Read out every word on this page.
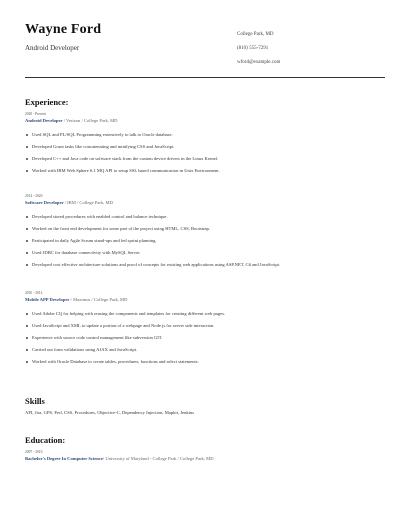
Wayne Ford
Android Developer
College Park, MD
(810) 555-7291
wford@example.com
Experience:
2020 - Present
Android Developer / Verizon / College Park, MD
Used SQL and PL/SQL Programming extensively to talk to Oracle database.
Developed Grunt tasks like concatenating and minifying CSS and JavaScript.
Developed C++ and Java code on software stack from the custom device drivers in the Linux Kernel.
Worked with IBM Web Sphere 6.1 MQ API to setup SSL based communication in Unix Environment.
2014 - 2020
Software Developer / IBM / College Park, MD
Developed stored procedures with enabled control and balance technique.
Worked on the front end development for some part of the project using HTML, CSS, Bootstrap.
Participated in daily Agile Scrum stand-ups and led sprint planning.
Used JDBC for database connectivity with MySQL Server.
Developed cost effective architecture solutions and proof of concepts for existing web applications using ASP.NET, C# and JavaScript.
2010 - 2014
Mobile APP Developer / Maximus / College Park, MD
Used Adobe CQ for helping with reusing the components and templates for creating different web pages.
Used JavaScript and XML to update a portion of a webpage and Node.js for server side interaction.
Experience with source code control management like subversion GIT.
Carried out form validations using AJAX and JavaScript.
Worked with Oracle Database to create tables, procedures, functions and select statements.
Skills
API, Jira, GPS, Perl, CSS, Procedures, Objective-C, Dependency Injection, Mapkit, Jenkins
Education:
2007 - 2010
Bachelor's Degree In Computer Science/ University of Maryland - College Park / College Park, MD
